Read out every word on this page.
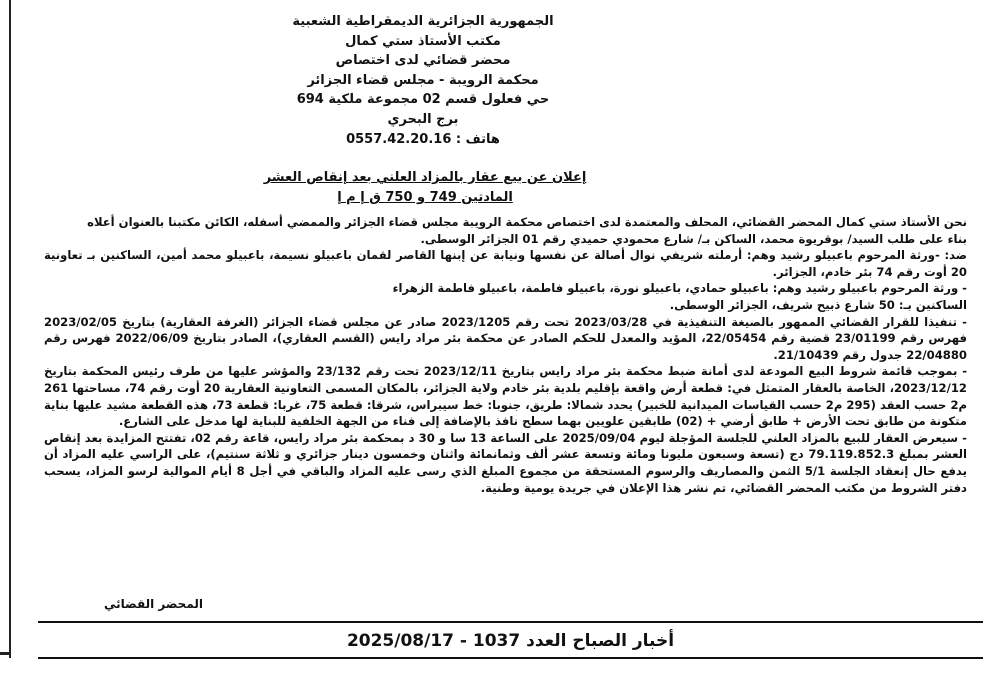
الجمهورية الجزائرية الديمقراطية الشعبية
مكتب الأستاذ ستي كمال
محضر قضائي لدى اختصاص
محكمة الرويبة - مجلس قضاء الجزائر
حي فعلول قسم 02 مجموعة ملكية 694
برج البحري
هاتف : 0557.42.20.16
إعلان عن بيع عقار بالمزاد العلني بعد إنقاص العشر
المادتين 749 و 750 ق إ م إ

نحن الأستاذ ستي كمال المحضر القضائي، المحلف والمعتمدة لدى اختصاص محكمة الرويبة مجلس قضاء الجزائر والممضي أسفله، الكائن مكتبنا بالعنوان أعلاه

بناء على طلب السيد/ بوقريوة محمد، الساكن بـ/ شارع محمودي حميدي رقم 01 الجزائر الوسطى.

ضد: -ورثة المرحوم باعبيلو رشيد وهم: أرملته شريفي نوال أصالة عن نفسها ونيابة عن إبنها القاصر لقمان باعبيلو نسيمة، باعبيلو محمد أمين، الساكنين بـ تعاونية 20 أوت رقم 74 بئر خادم، الجزائر.

- ورثة المرحوم باعبيلو رشيد وهم: باعبيلو حمادي، باعبيلو نورة، باعبيلو فاطمة، باعبيلو فاطمة الزهراء

الساكنين بـ: 50 شارع ذبيح شريف، الجزائر الوسطى.

- تنفيذا للقرار القضائي الممهور بالصيغة التنفيذية في 2023/03/28 تحت رقم 2023/1205 صادر عن مجلس قضاء الجزائر (الغرفة العقارية) بتاريخ 2023/02/05 فهرس رقم 23/01199 قضية رقم 22/05454، المؤيد والمعدل للحكم الصادر عن محكمة بئر مراد رايس (القسم العقاري)، الصادر بتاريخ 2022/06/09 فهرس رقم 22/04880 جدول رقم 21/10439.

- بموجب قائمة شروط البيع المودعة لدى أمانة ضبط محكمة بئر مراد رايس بتاريخ 2023/12/11 تحت رقم 23/132 والمؤشر عليها من طرف رئيس المحكمة بتاريخ 2023/12/12، الخاصة بالعقار المتمثل في: قطعة أرض واقعة بإقليم بلدية بئر خادم ولاية الجزائر، بالمكان المسمى التعاونية العقارية 20 أوت رقم 74، مساحتها 261 م2 حسب العقد (295 م2 حسب القياسات الميدانية للخبير) يحدد شمالا: طريق، جنوبا: خط سيبراس، شرقا: قطعة 75، غربا: قطعة 73، هذه القطعة مشيد عليها بناية متكونة من طابق تحت الأرض + طابق أرضي + (02) طابقين علويين بهما سطح نافذ بالإضافة إلى فناء من الجهة الخلفية للبناية لها مدخل على الشارع.

- سيعرض العقار للبيع بالمزاد العلني للجلسة المؤجلة ليوم 2025/09/04 على الساعة 13 سا و 30 د بمحكمة بئر مراد رايس، قاعة رقم 02، تفتتح المزايدة بعد إنقاص العشر بمبلغ 79.119.852.3 دج (تسعة وسبعون مليونا ومائة وتسعة عشر ألف وثمانمائة واثنان وخمسون دينار جزائري و ثلاثة سنتيم)، على الراسي عليه المزاد أن يدفع حال إنعقاد الجلسة 5/1 الثمن والمصاريف والرسوم المستحقة من مجموع المبلغ الذي رسى عليه المزاد والباقي في أجل 8 أيام الموالية لرسو المزاد، يسحب دفتر الشروط من مكتب المحضر القضائي، تم نشر هذا الإعلان في جريدة يومية وطنية.

المحضر القضائي
أخبار الصباح العدد 1037 - 2025/08/17
